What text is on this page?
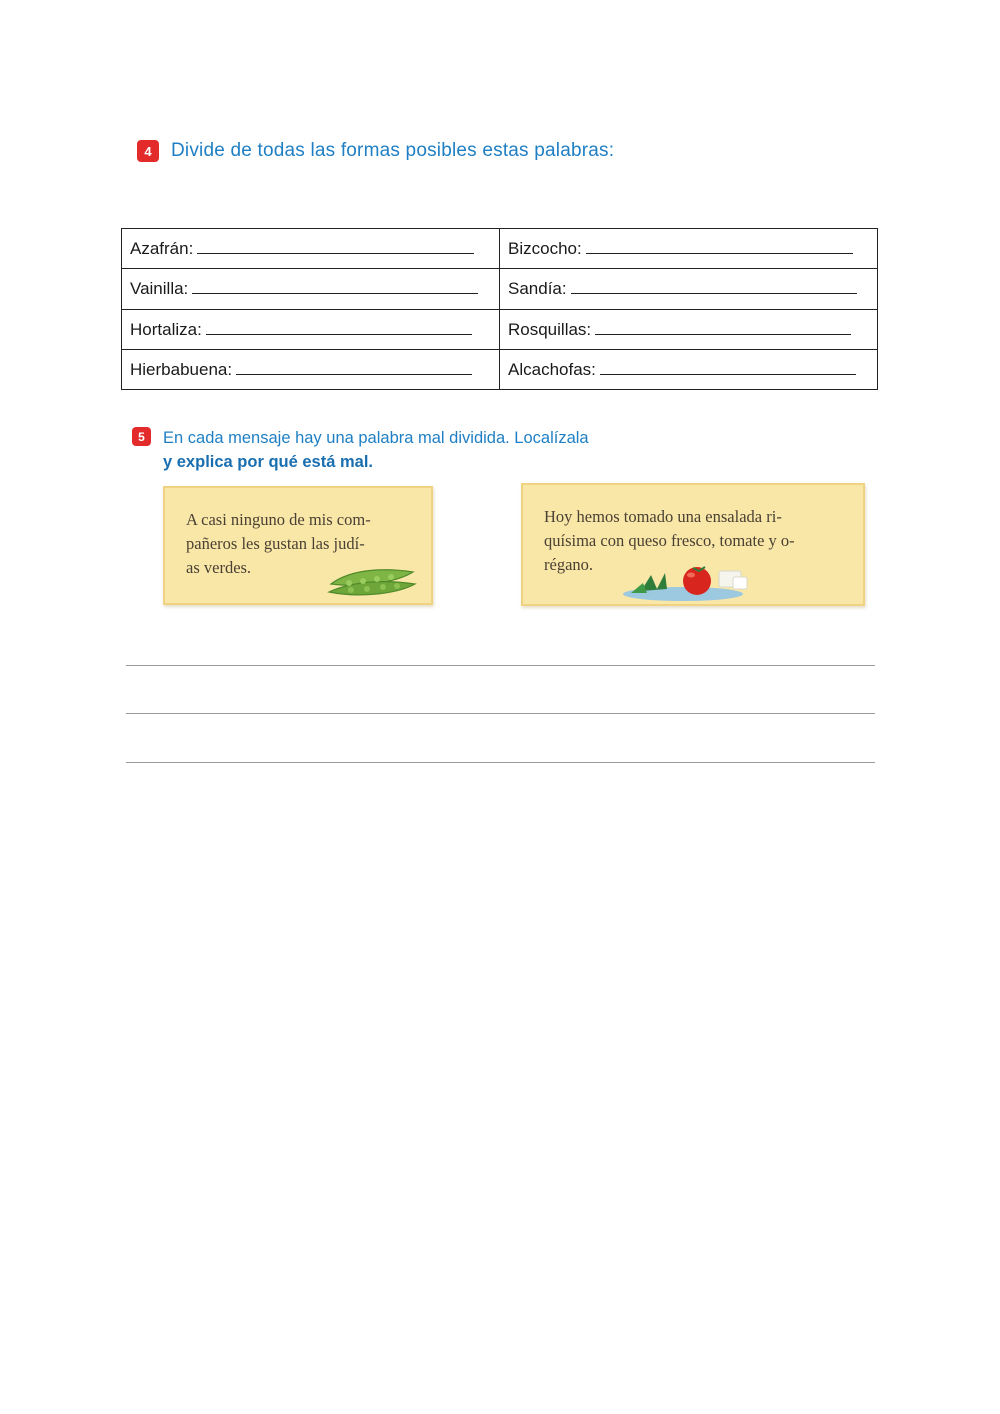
4	Divide de todas las formas posibles estas palabras:
Azafrán:	Bizcocho:
Vainilla:	Sandía:
Hortaliza:	Rosquillas:
Hierbabuena:	Alcachofas:
5	En cada mensaje hay una palabra mal dividida. Localízala
y explica por qué está mal.
A casi ninguno de mis com-
pañeros les gustan las judí-
as verdes.
Hoy hemos tomado una ensalada ri-
quísima con queso fresco, tomate y o-
régano.
